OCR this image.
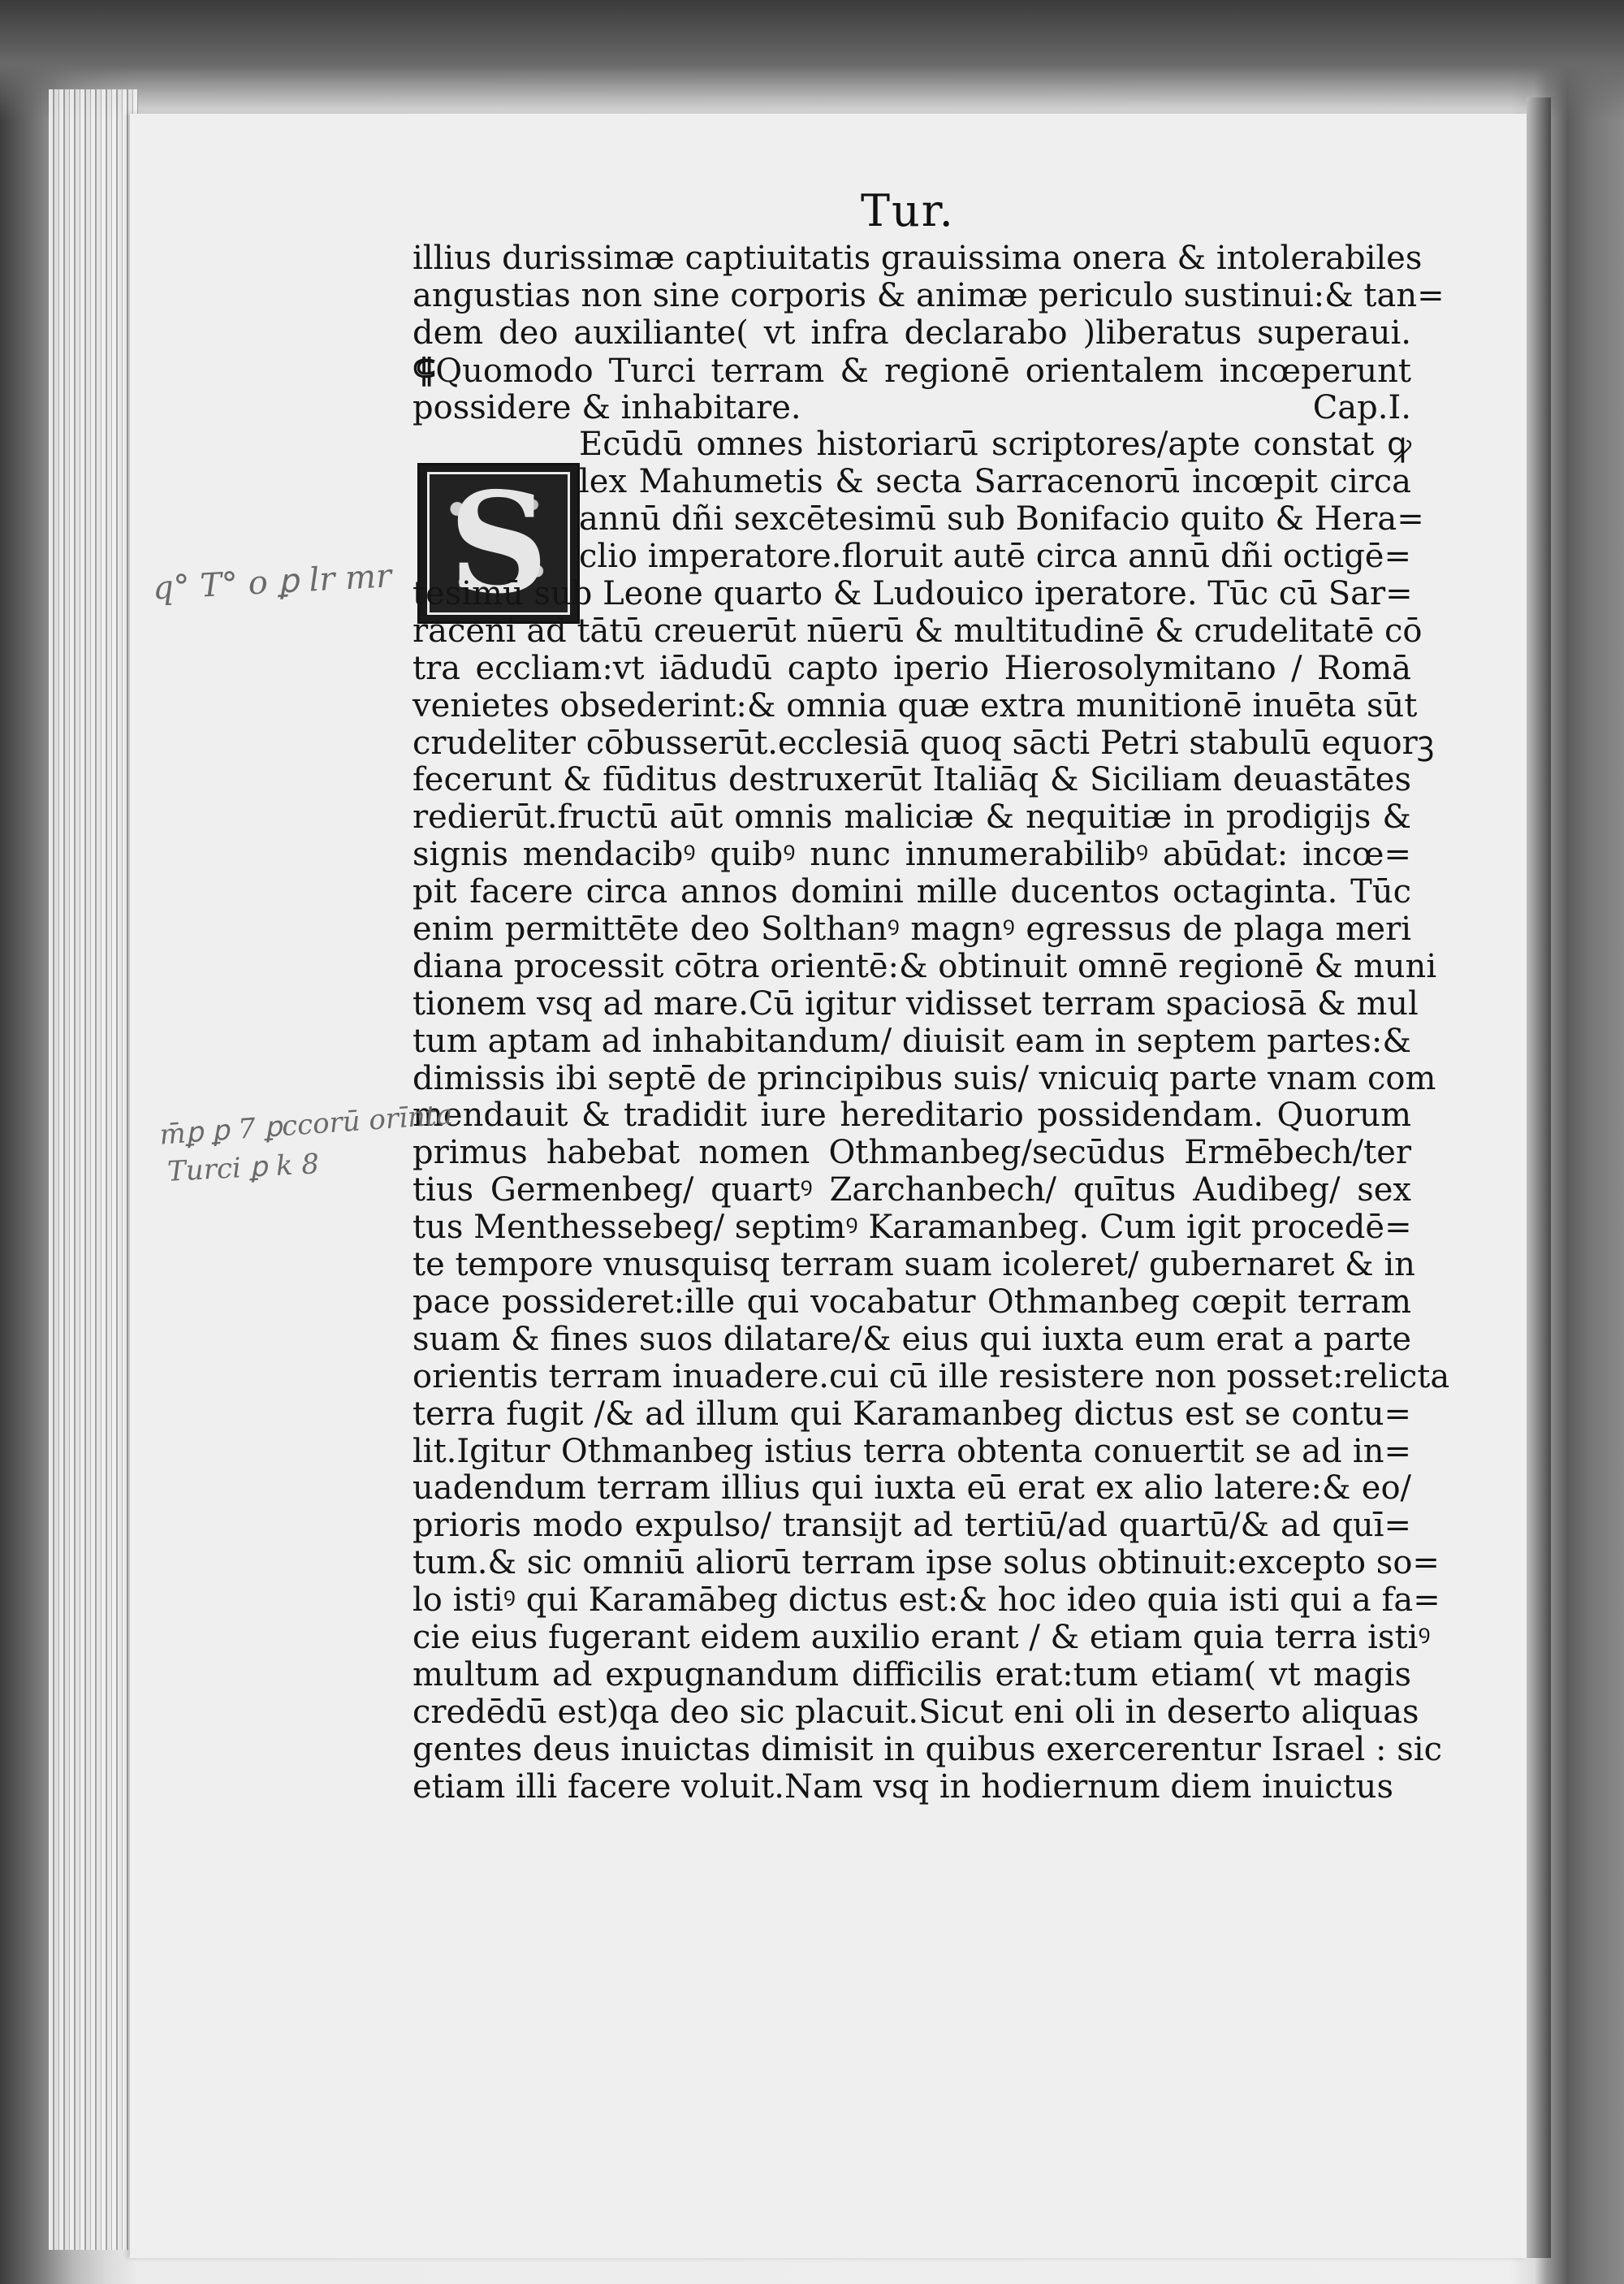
Tur.
S
illius durissimæ captiuitatis grauissima onera & intolerabiles
angustias non sine corporis & animæ periculo sustinui:& tan=
dem deo auxiliante( vt infra declarabo )liberatus superaui.
⸿Quomodo Turci terram & regionē orientalem incœperunt
possidere & inhabitare.	Cap.I.
Ecūdū omnes historiarū scriptores/apte constat ꝙ
lex Mahumetis & secta Sarracenorū incœpit circa
annū dñi sexcētesimū sub Bonifacio quito & Hera=
clio imperatore.floruit autē circa annū dñi octigē=
tesimū sub Leone quarto & Ludouico iperatore. Tūc cū Sar=
raceni ad tātū creuerūt nūerū & multitudinē & crudelitatē cō
tra eccliam:vt iādudū capto iperio Hierosolymitano / Romā
venietes obsederint:& omnia quæ extra munitionē inuēta sūt
crudeliter cōbusserūt.ecclesiā quoq sācti Petri stabulū equorꝫ
fecerunt & fūditus destruxerūt Italiāq & Siciliam deuastātes
redierūt.fructū aūt omnis maliciæ & nequitiæ in prodigijs &
signis mendacibꝰ quibꝰ nunc innumerabilibꝰ abūdat: incœ=
pit facere circa annos domini mille ducentos octaginta. Tūc
enim permittēte deo Solthanꝰ magnꝰ egressus de plaga meri
diana processit cōtra orientē:& obtinuit omnē regionē & muni
tionem vsq ad mare.Cū igitur vidisset terram spaciosā & mul
tum aptam ad inhabitandum/ diuisit eam in septem partes:&
dimissis ibi septē de principibus suis/ vnicuiq parte vnam com
mendauit & tradidit iure hereditario possidendam. Quorum
primus habebat nomen Othmanbeg/secūdus Ermēbech/ter
tius Germenbeg/ quartꝰ Zarchanbech/ quītus Audibeg/ sex
tus Menthessebeg/ septimꝰ Karamanbeg. Cum igit procedē=
te tempore vnusquisq terram suam icoleret/ gubernaret & in
pace possideret:ille qui vocabatur Othmanbeg cœpit terram
suam & fines suos dilatare/& eius qui iuxta eum erat a parte
orientis terram inuadere.cui cū ille resistere non posset:relicta
terra fugit /& ad illum qui Karamanbeg dictus est se contu=
lit.Igitur Othmanbeg istius terra obtenta conuertit se ad in=
uadendum terram illius qui iuxta eū erat ex alio latere:& eo/
prioris modo expulso/ transijt ad tertiū/ad quartū/& ad quī=
tum.& sic omniū aliorū terram ipse solus obtinuit:excepto so=
lo istiꝰ qui Karamābeg dictus est:& hoc ideo quia isti qui a fa=
cie eius fugerant eidem auxilio erant / & etiam quia terra istiꝰ
multum ad expugnandum difficilis erat:tum etiam( vt magis
credēdū est)qa deo sic placuit.Sicut eni oli in deserto aliquas
gentes deus inuictas dimisit in quibus exercerentur Israel : sic
etiam illi facere voluit.Nam vsq in hodiernum diem inuictus
q° T° o ꝑ lr mr
m̄ꝑ ꝑ 7 ꝑccorū orīnta
Turci ꝑ k 8
